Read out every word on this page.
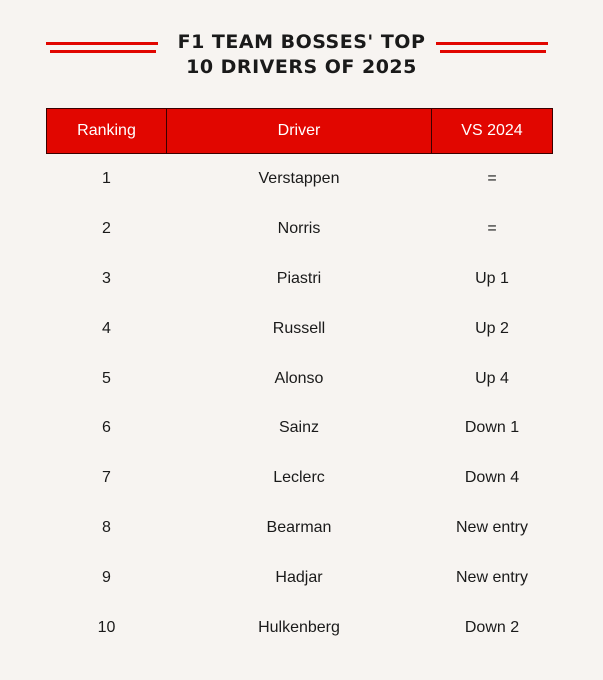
F1 TEAM BOSSES' TOP
10 DRIVERS OF 2025
Ranking	Driver	VS 2024
1	Verstappen	=
2	Norris	=
3	Piastri	Up 1
4	Russell	Up 2
5	Alonso	Up 4
6	Sainz	Down 1
7	Leclerc	Down 4
8	Bearman	New entry
9	Hadjar	New entry
10	Hulkenberg	Down 2
